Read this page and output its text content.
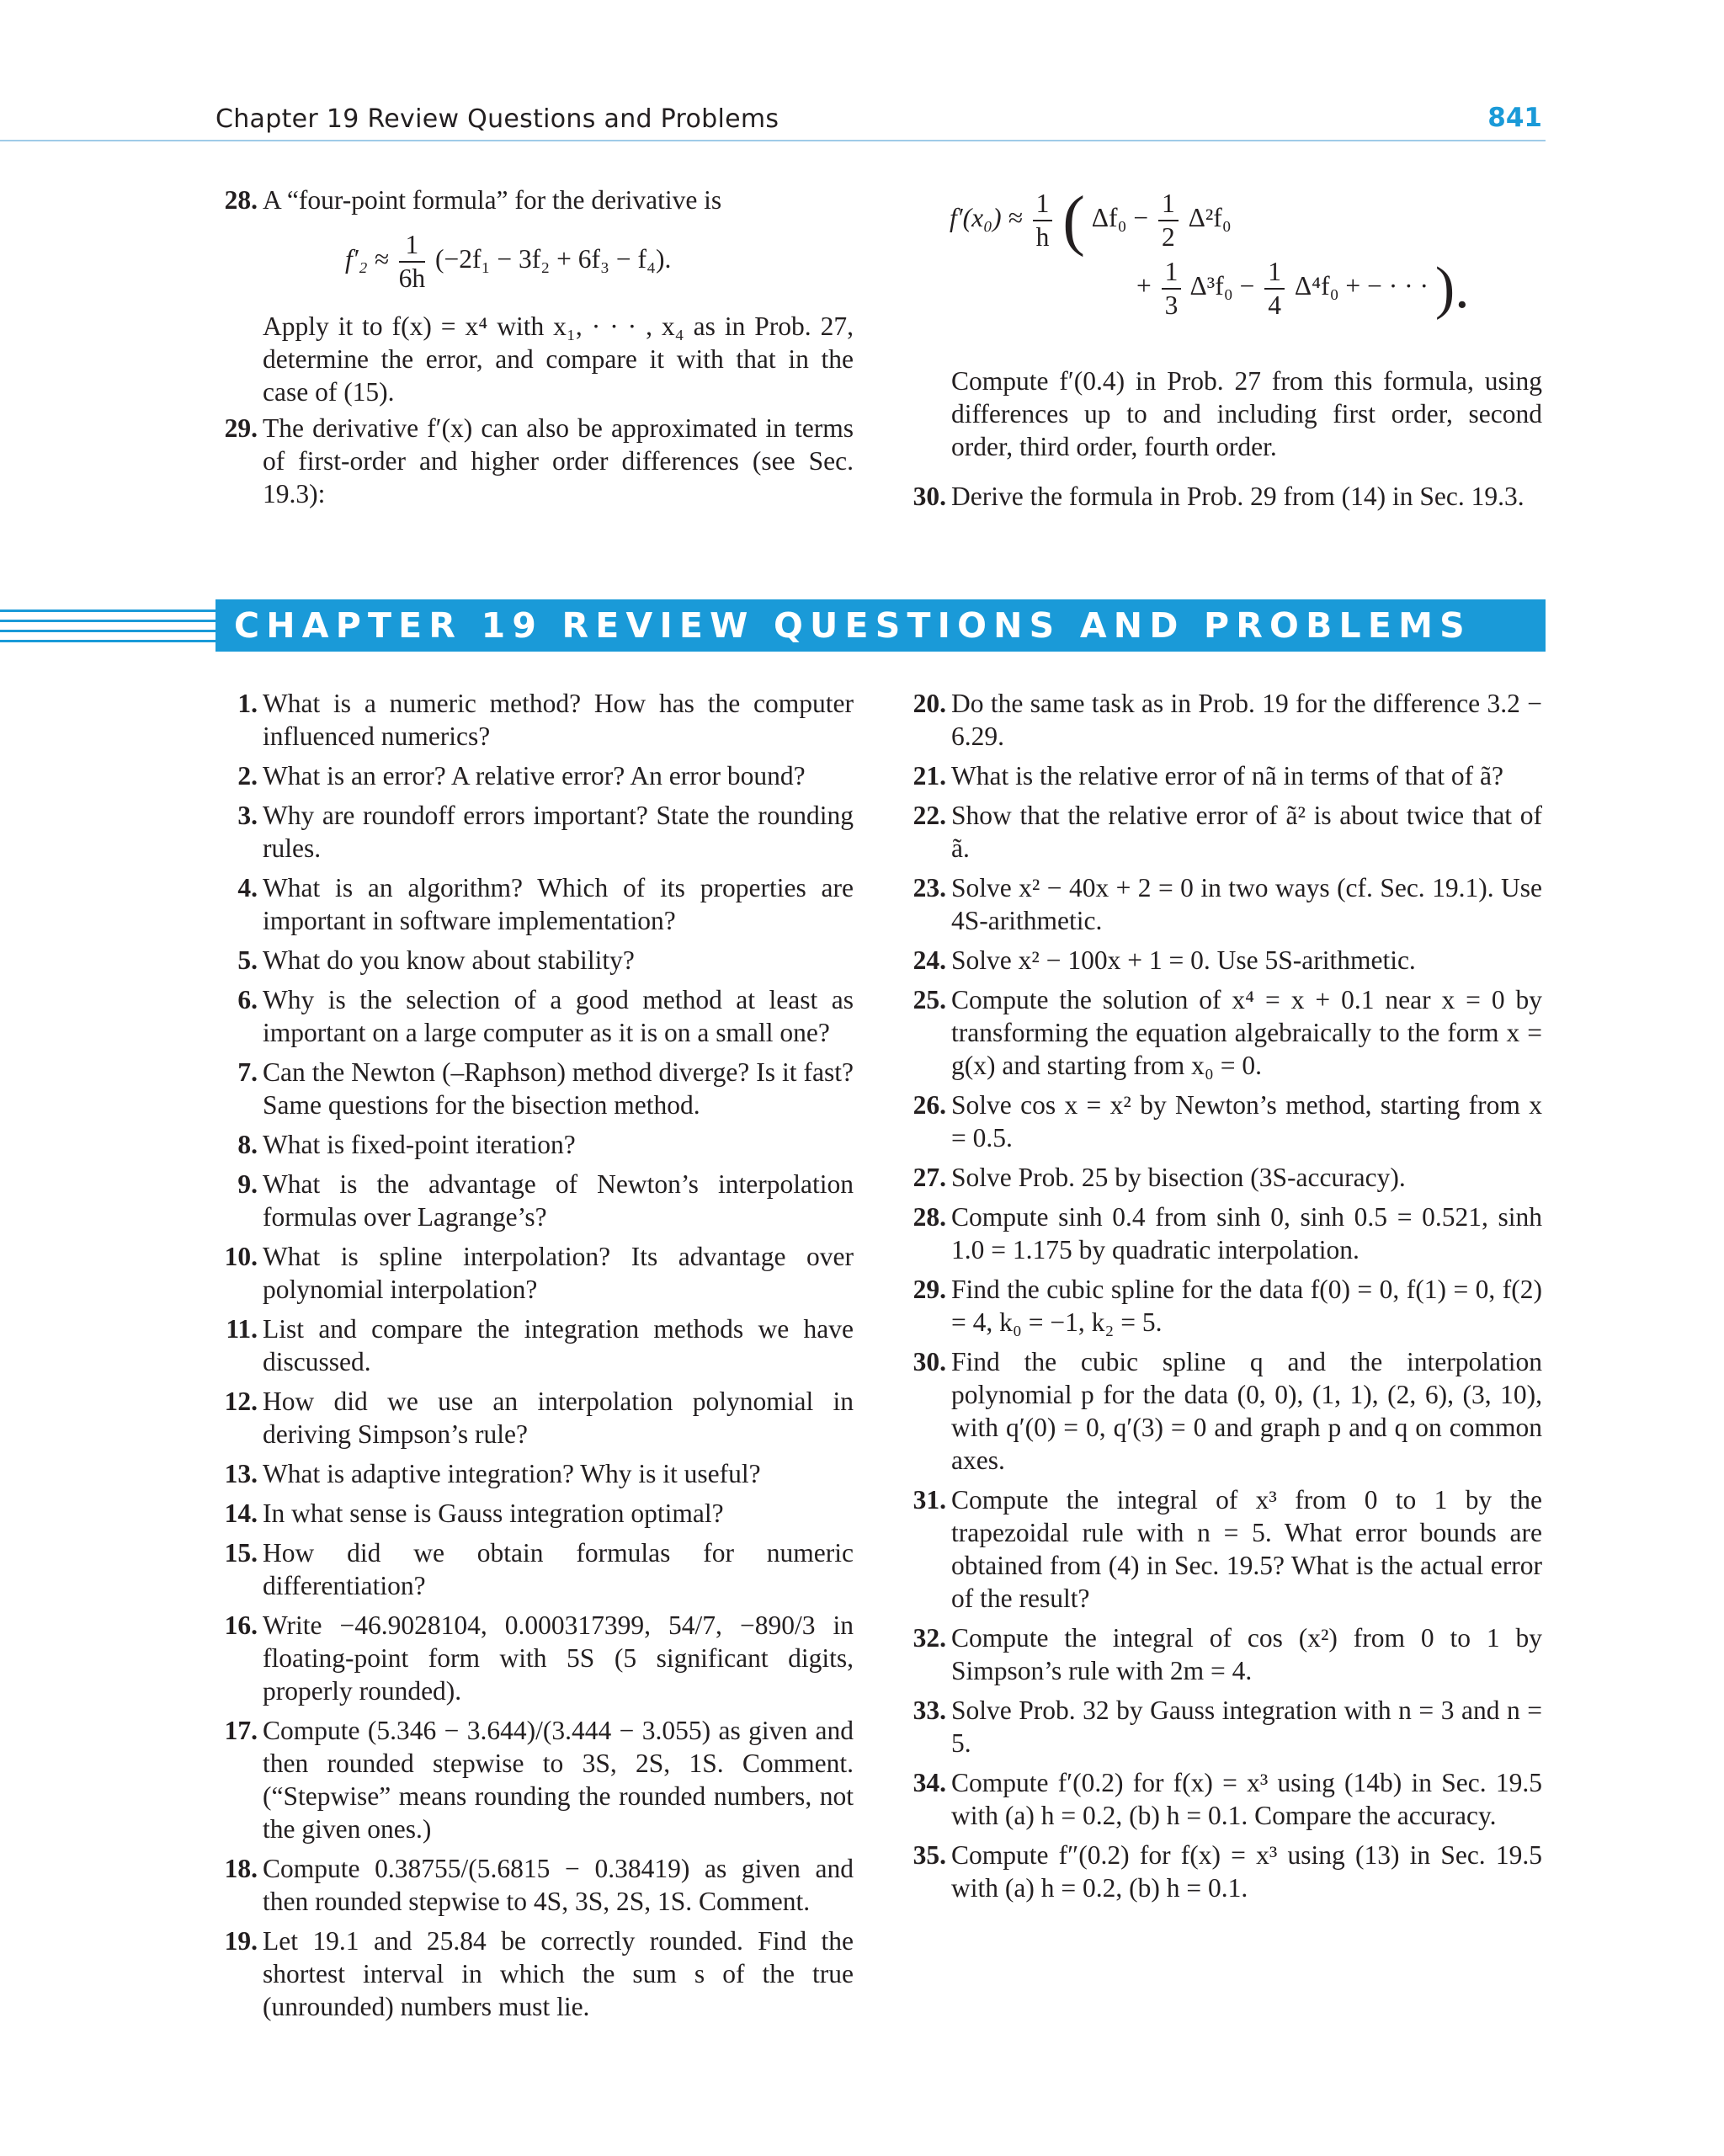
Chapter 19 Review Questions and Problems	841
28. A “four-point formula” for the derivative is
$f'_2 \approx \frac{1}{6h} (-2f_1 - 3f_2 + 6f_3 - f_4)$.
Apply it to f(x) = x⁴ with x₁, · · · , x₄ as in Prob. 27, determine the error, and compare it with that in the case of (15).
29. The derivative f′(x) can also be approximated in terms of first-order and higher order differences (see Sec. 19.3):
$f'(x_0) \approx \frac{1}{h}$ ( $\Delta f_0 - \frac{1}{2} \Delta^2f_0$
+ $\frac{1}{3} \Delta^3f_0 - \frac{1}{4} \Delta^4f_0$ + − · · · ).
Compute f′(0.4) in Prob. 27 from this formula, using differences up to and including first order, second order, third order, fourth order.
30. Derive the formula in Prob. 29 from (14) in Sec. 19.3.
CHAPTER 19 REVIEW QUESTIONS AND PROBLEMS
1. What is a numeric method? How has the computer influenced numerics?
2. What is an error? A relative error? An error bound?
3. Why are roundoff errors important? State the rounding rules.
4. What is an algorithm? Which of its properties are important in software implementation?
5. What do you know about stability?
6. Why is the selection of a good method at least as important on a large computer as it is on a small one?
7. Can the Newton (–Raphson) method diverge? Is it fast? Same questions for the bisection method.
8. What is fixed-point iteration?
9. What is the advantage of Newton’s interpolation formulas over Lagrange’s?
10. What is spline interpolation? Its advantage over polynomial interpolation?
11. List and compare the integration methods we have discussed.
12. How did we use an interpolation polynomial in deriving Simpson’s rule?
13. What is adaptive integration? Why is it useful?
14. In what sense is Gauss integration optimal?
15. How did we obtain formulas for numeric differentiation?
16. Write −46.9028104, 0.000317399, 54/7, −890/3 in floating-point form with 5S (5 significant digits, properly rounded).
17. Compute (5.346 − 3.644)/(3.444 − 3.055) as given and then rounded stepwise to 3S, 2S, 1S. Comment. (“Stepwise” means rounding the rounded numbers, not the given ones.)
18. Compute 0.38755/(5.6815 − 0.38419) as given and then rounded stepwise to 4S, 3S, 2S, 1S. Comment.
19. Let 19.1 and 25.84 be correctly rounded. Find the shortest interval in which the sum s of the true (unrounded) numbers must lie.
20. Do the same task as in Prob. 19 for the difference 3.2 − 6.29.
21. What is the relative error of nã in terms of that of ã?
22. Show that the relative error of ã² is about twice that of ã.
23. Solve x² − 40x + 2 = 0 in two ways (cf. Sec. 19.1). Use 4S-arithmetic.
24. Solve x² − 100x + 1 = 0. Use 5S-arithmetic.
25. Compute the solution of x⁴ = x + 0.1 near x = 0 by transforming the equation algebraically to the form x = g(x) and starting from x₀ = 0.
26. Solve cos x = x² by Newton’s method, starting from x = 0.5.
27. Solve Prob. 25 by bisection (3S-accuracy).
28. Compute sinh 0.4 from sinh 0, sinh 0.5 = 0.521, sinh 1.0 = 1.175 by quadratic interpolation.
29. Find the cubic spline for the data f(0) = 0, f(1) = 0, f(2) = 4, k₀ = −1, k₂ = 5.
30. Find the cubic spline q and the interpolation polynomial p for the data (0, 0), (1, 1), (2, 6), (3, 10), with q′(0) = 0, q′(3) = 0 and graph p and q on common axes.
31. Compute the integral of x³ from 0 to 1 by the trapezoidal rule with n = 5. What error bounds are obtained from (4) in Sec. 19.5? What is the actual error of the result?
32. Compute the integral of cos (x²) from 0 to 1 by Simpson’s rule with 2m = 4.
33. Solve Prob. 32 by Gauss integration with n = 3 and n = 5.
34. Compute f′(0.2) for f(x) = x³ using (14b) in Sec. 19.5 with (a) h = 0.2, (b) h = 0.1. Compare the accuracy.
35. Compute f″(0.2) for f(x) = x³ using (13) in Sec. 19.5 with (a) h = 0.2, (b) h = 0.1.
